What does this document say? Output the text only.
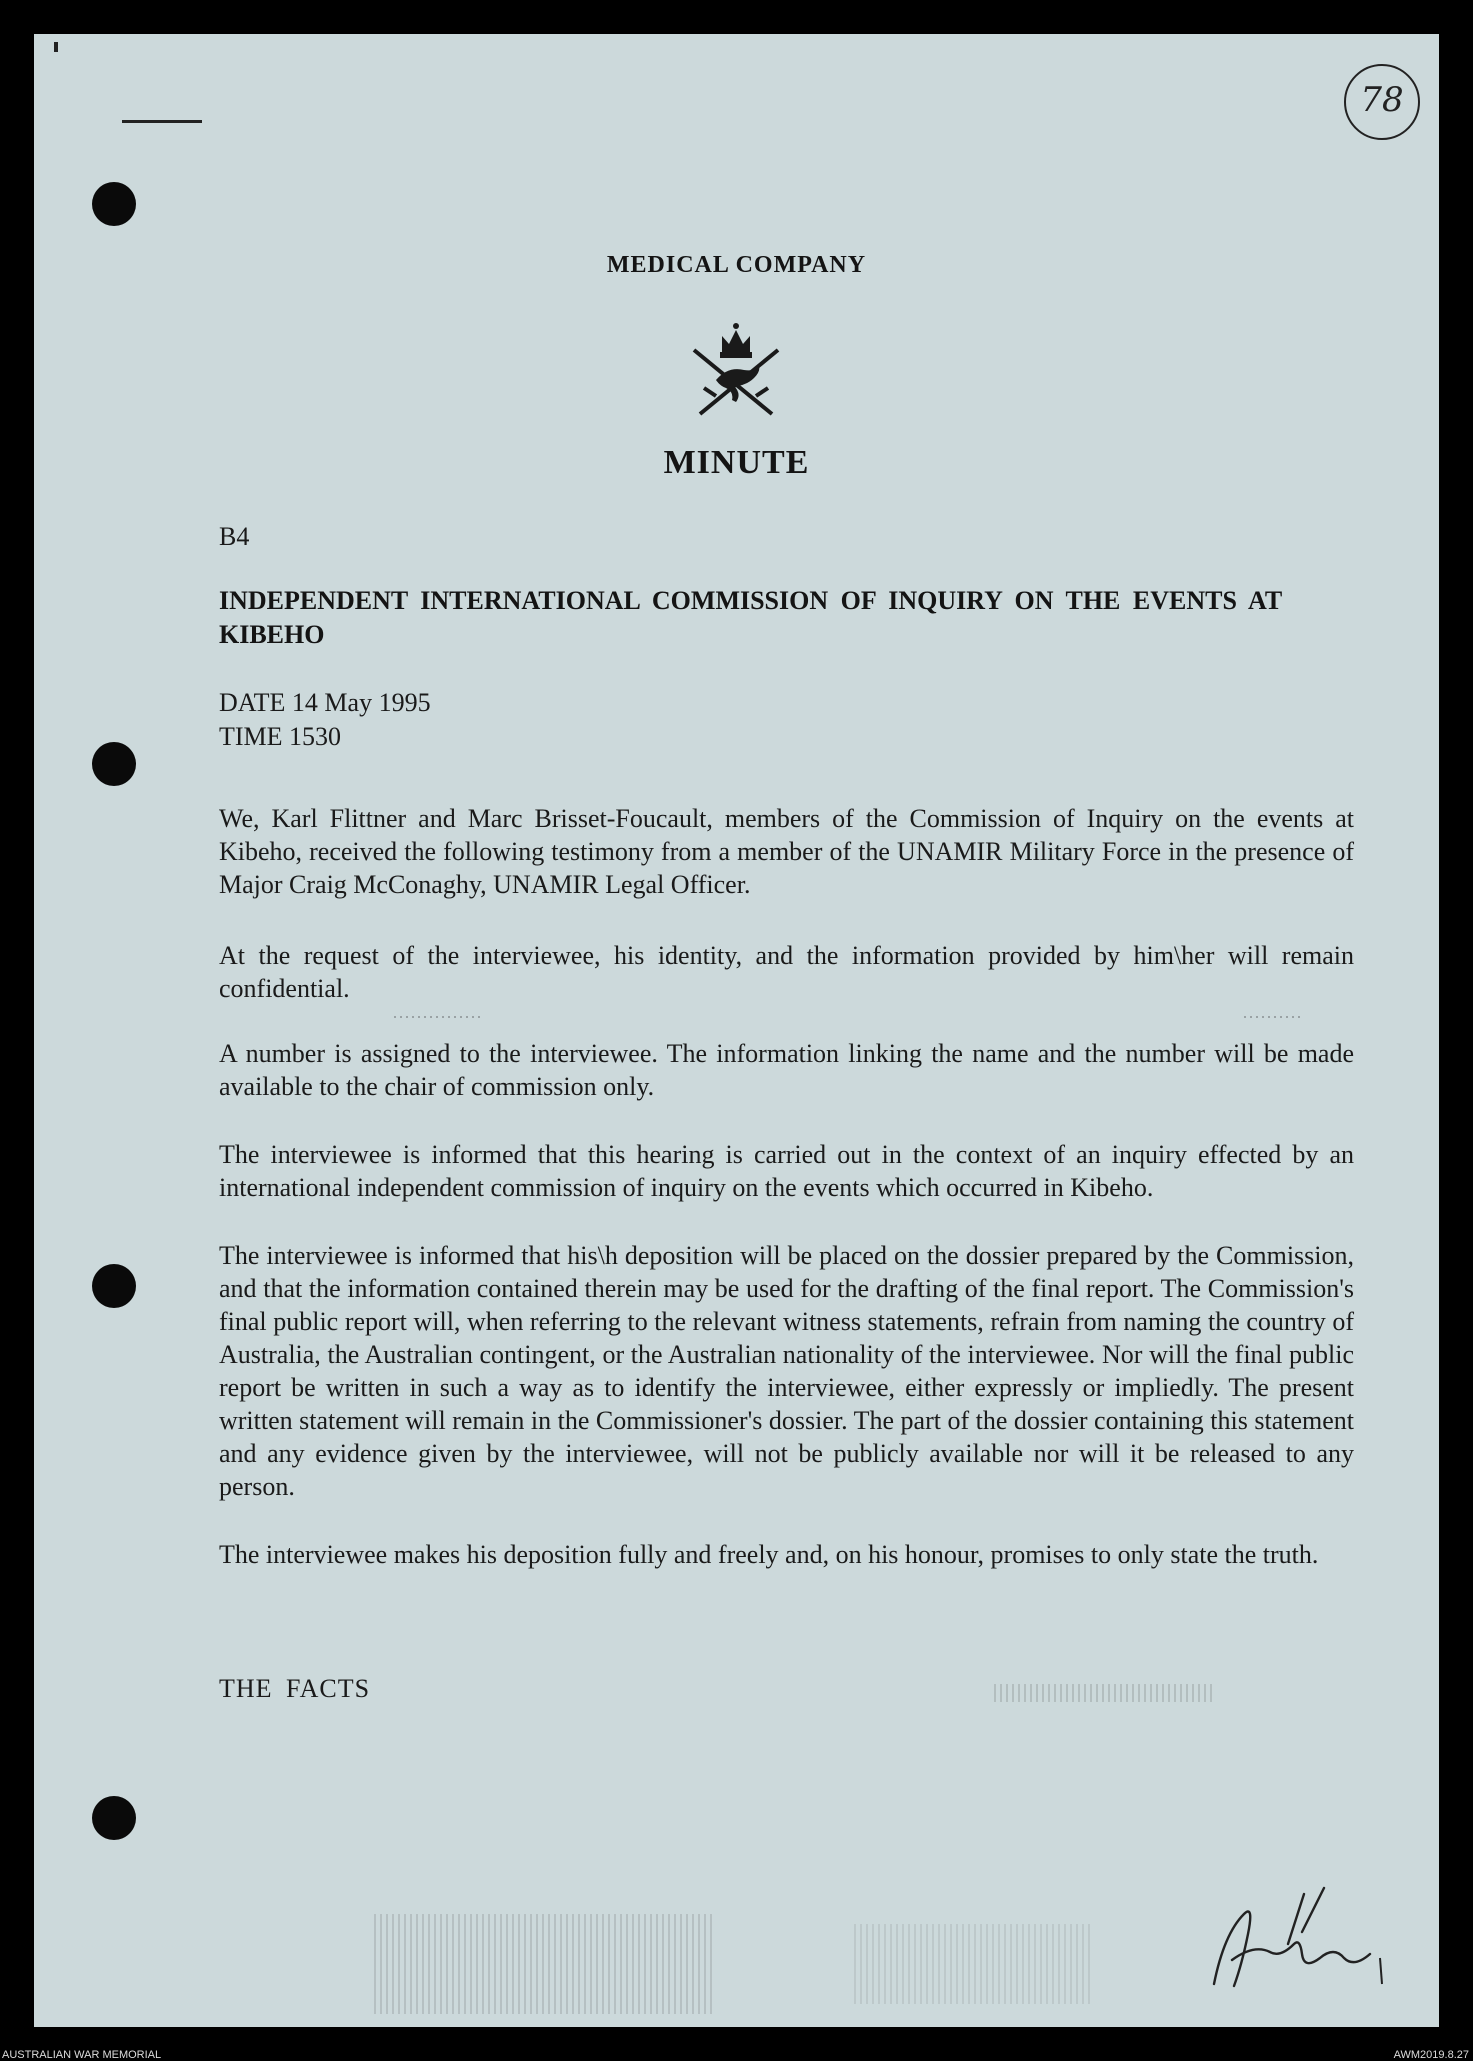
78
MEDICAL COMPANY
MINUTE
B4
INDEPENDENT INTERNATIONAL COMMISSION OF INQUIRY ON THE EVENTS AT KIBEHO
DATE 14 May 1995
TIME 1530

We, Karl Flittner and Marc Brisset-Foucault, members of the Commission of Inquiry on the events at Kibeho, received the following testimony from a member of the UNAMIR Military Force in the presence of Major Craig McConaghy, UNAMIR Legal Officer.

At the request of the interviewee, his identity, and the information provided by him\her will remain confidential.

A number is assigned to the interviewee. The information linking the name and the number will be made available to the chair of commission only.

The interviewee is informed that this hearing is carried out in the context of an inquiry effected by an international independent commission of inquiry on the events which occurred in Kibeho.

The interviewee is informed that his\h deposition will be placed on the dossier prepared by the Commission, and that the information contained therein may be used for the drafting of the final report. The Commission's final public report will, when referring to the relevant witness statements, refrain from naming the country of Australia, the Australian contingent, or the Australian nationality of the interviewee. Nor will the final public report be written in such a way as to identify the interviewee, either expressly or impliedly. The present written statement will remain in the Commissioner's dossier. The part of the dossier containing this statement and any evidence given by the interviewee, will not be publicly available nor will it be released to any person.

The interviewee makes his deposition fully and freely and, on his honour, promises to only state the truth.

THE FACTS
AUSTRALIAN WAR MEMORIAL	AWM2019.8.27
